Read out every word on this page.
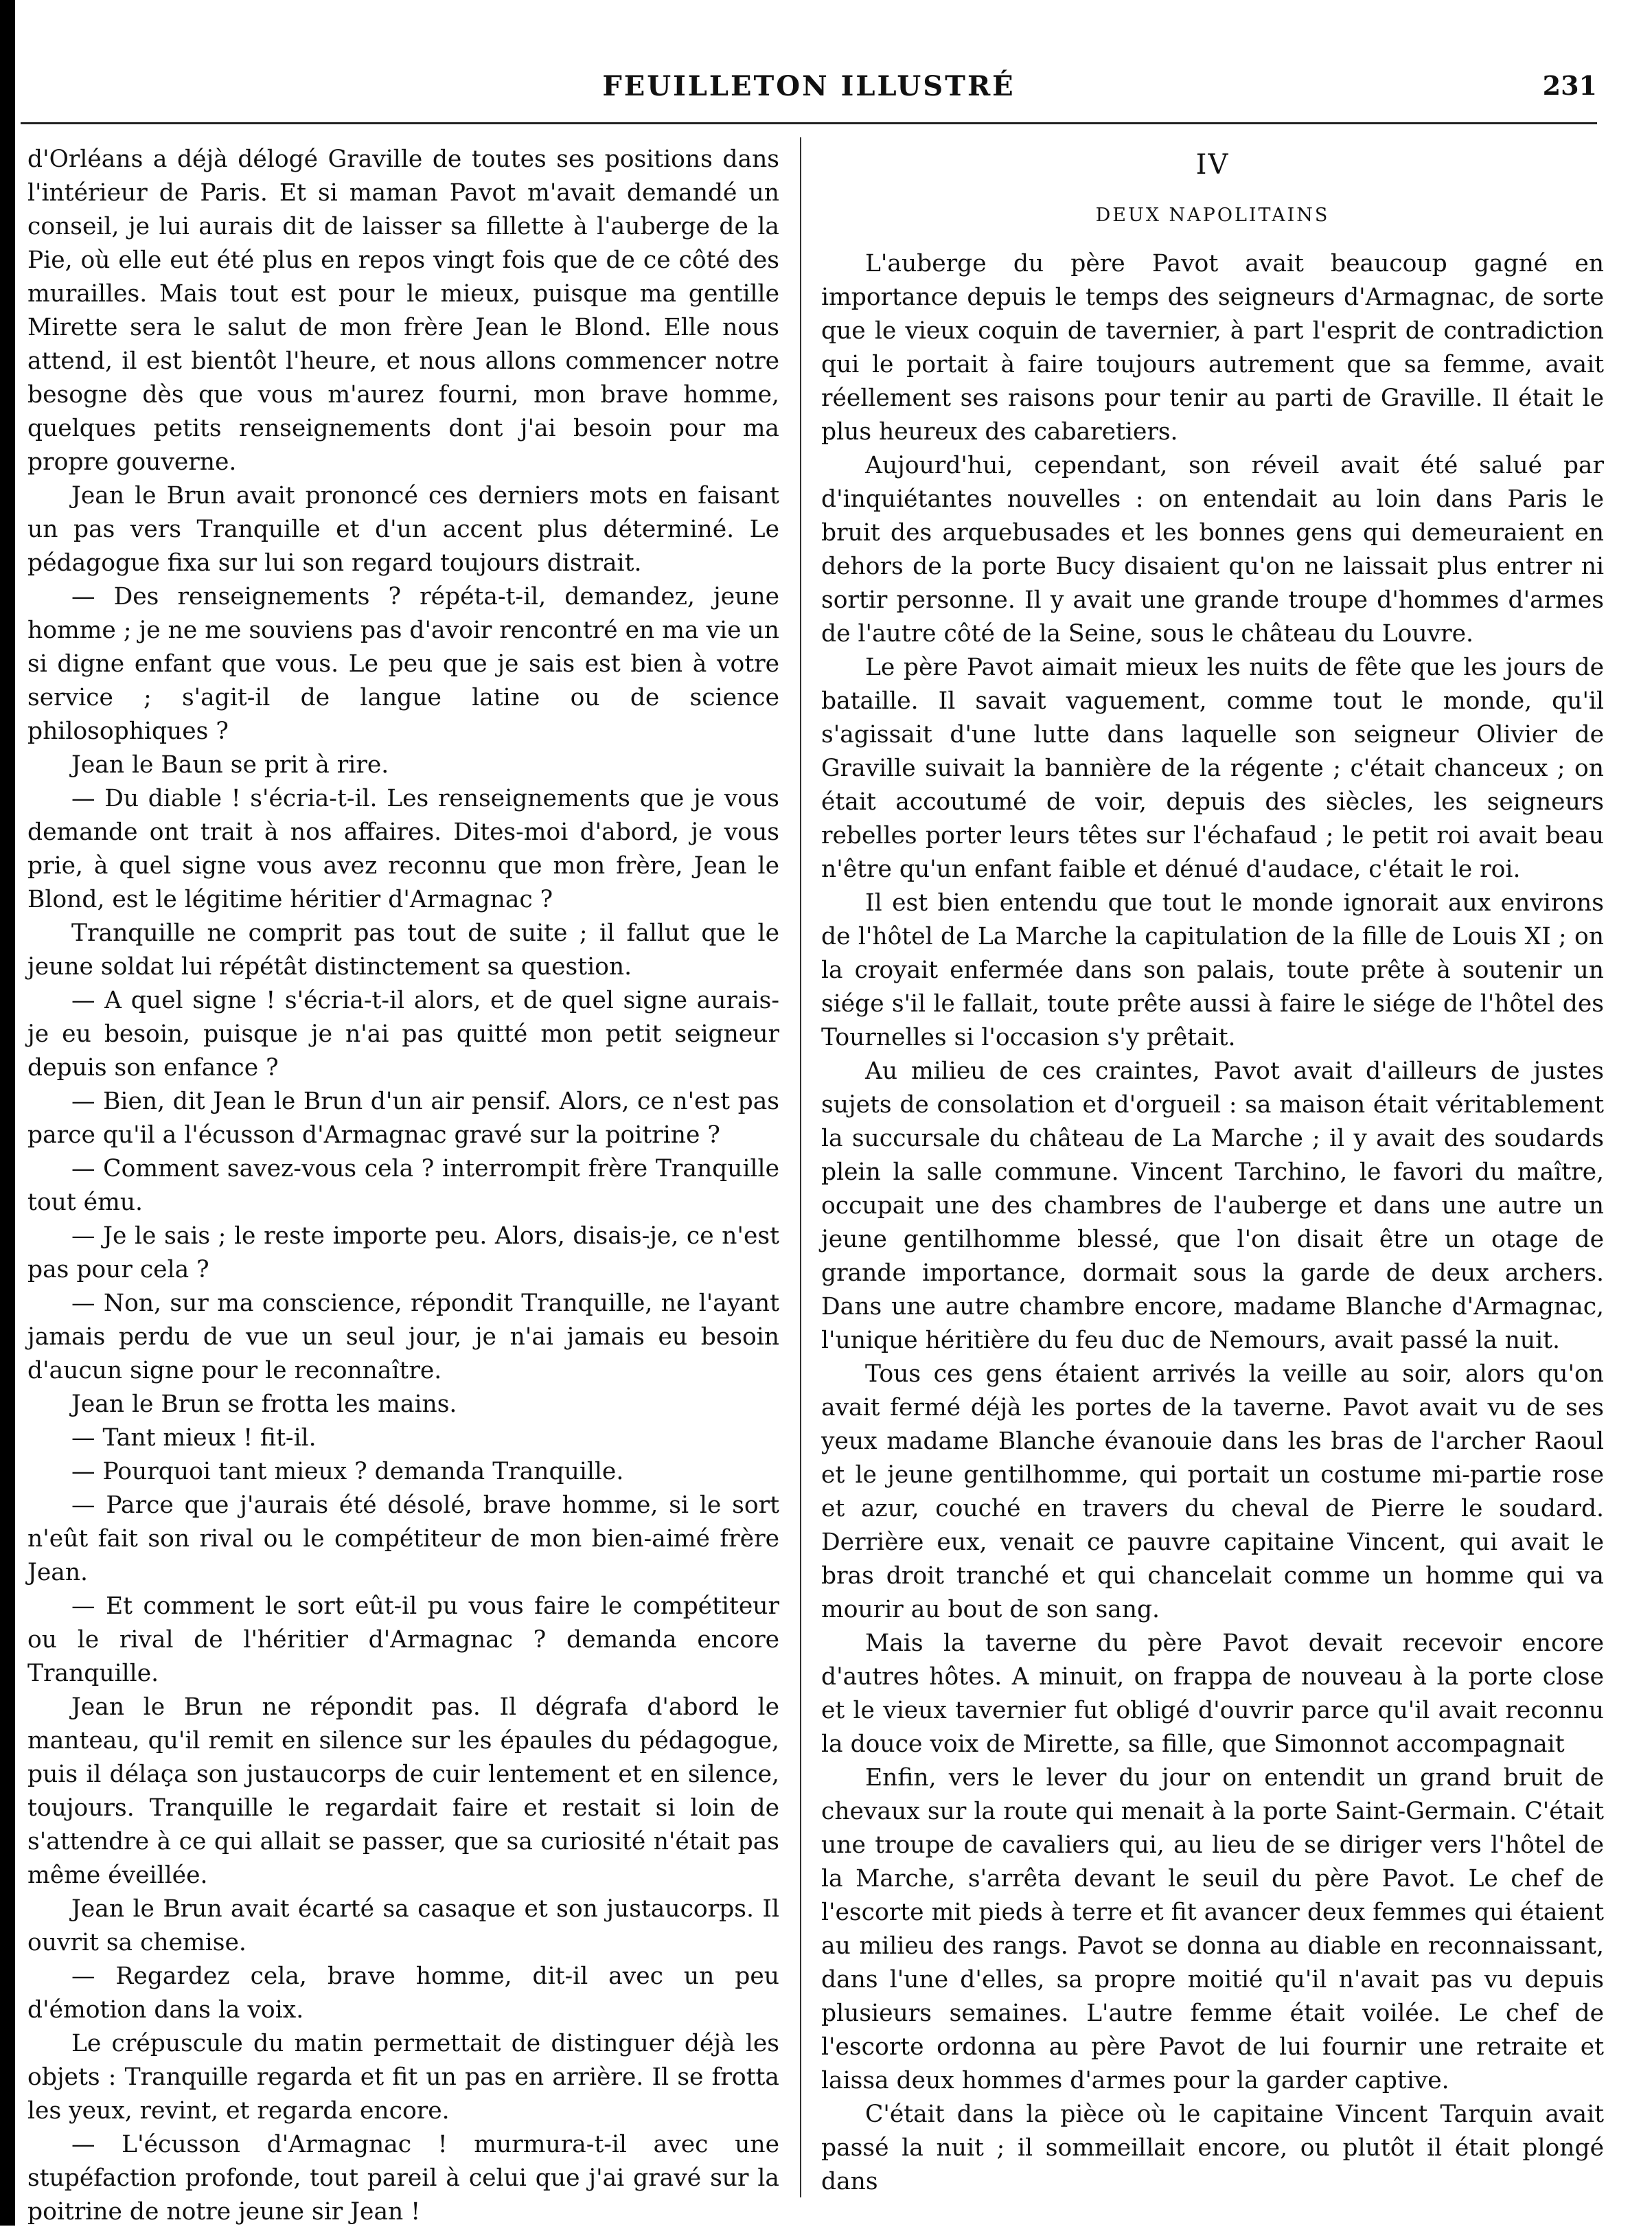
FEUILLETON ILLUSTRÉ	231

d'Orléans a déjà délogé Graville de toutes ses positions dans l'intérieur de Paris. Et si maman Pavot m'avait demandé un conseil, je lui aurais dit de laisser sa fillette à l'auberge de la Pie, où elle eut été plus en repos vingt fois que de ce côté des murailles. Mais tout est pour le mieux, puisque ma gentille Mirette sera le salut de mon frère Jean le Blond. Elle nous attend, il est bientôt l'heure, et nous allons commencer notre besogne dès que vous m'aurez fourni, mon brave homme, quelques petits renseignements dont j'ai besoin pour ma propre gouverne.

Jean le Brun avait prononcé ces derniers mots en faisant un pas vers Tranquille et d'un accent plus déterminé. Le pédagogue fixa sur lui son regard toujours distrait.

— Des renseignements ? répéta-t-il, demandez, jeune homme ; je ne me souviens pas d'avoir rencontré en ma vie un si digne enfant que vous. Le peu que je sais est bien à votre service ; s'agit-il de langue latine ou de science philosophiques ?

Jean le Baun se prit à rire.

— Du diable ! s'écria-t-il. Les renseignements que je vous demande ont trait à nos affaires. Dites-moi d'abord, je vous prie, à quel signe vous avez reconnu que mon frère, Jean le Blond, est le légitime héritier d'Armagnac ?

Tranquille ne comprit pas tout de suite ; il fallut que le jeune soldat lui répétât distinctement sa question.

— A quel signe ! s'écria-t-il alors, et de quel signe aurais-je eu besoin, puisque je n'ai pas quitté mon petit seigneur depuis son enfance ?

— Bien, dit Jean le Brun d'un air pensif. Alors, ce n'est pas parce qu'il a l'écusson d'Armagnac gravé sur la poitrine ?

— Comment savez-vous cela ? interrompit frère Tranquille tout ému.

— Je le sais ; le reste importe peu. Alors, disais-je, ce n'est pas pour cela ?

— Non, sur ma conscience, répondit Tranquille, ne l'ayant jamais perdu de vue un seul jour, je n'ai jamais eu besoin d'aucun signe pour le reconnaître.

Jean le Brun se frotta les mains.

— Tant mieux ! fit-il.

— Pourquoi tant mieux ? demanda Tranquille.

— Parce que j'aurais été désolé, brave homme, si le sort n'eût fait son rival ou le compétiteur de mon bien-aimé frère Jean.

— Et comment le sort eût-il pu vous faire le compétiteur ou le rival de l'héritier d'Armagnac ? demanda encore Tranquille.

Jean le Brun ne répondit pas. Il dégrafa d'abord le manteau, qu'il remit en silence sur les épaules du pédagogue, puis il délaça son justaucorps de cuir lentement et en silence, toujours. Tranquille le regardait faire et restait si loin de s'attendre à ce qui allait se passer, que sa curiosité n'était pas même éveillée.

Jean le Brun avait écarté sa casaque et son justaucorps. Il ouvrit sa chemise.

— Regardez cela, brave homme, dit-il avec un peu d'émotion dans la voix.

Le crépuscule du matin permettait de distinguer déjà les objets : Tranquille regarda et fit un pas en arrière. Il se frotta les yeux, revint, et regarda encore.

— L'écusson d'Armagnac ! murmura-t-il avec une stupéfaction profonde, tout pareil à celui que j'ai gravé sur la poitrine de notre jeune sir Jean !

IV
DEUX NAPOLITAINS

L'auberge du père Pavot avait beaucoup gagné en importance depuis le temps des seigneurs d'Armagnac, de sorte que le vieux coquin de tavernier, à part l'esprit de contradiction qui le portait à faire toujours autrement que sa femme, avait réellement ses raisons pour tenir au parti de Graville. Il était le plus heureux des cabaretiers.

Aujourd'hui, cependant, son réveil avait été salué par d'inquiétantes nouvelles : on entendait au loin dans Paris le bruit des arquebusades et les bonnes gens qui demeuraient en dehors de la porte Bucy disaient qu'on ne laissait plus entrer ni sortir personne. Il y avait une grande troupe d'hommes d'armes de l'autre côté de la Seine, sous le château du Louvre.

Le père Pavot aimait mieux les nuits de fête que les jours de bataille. Il savait vaguement, comme tout le monde, qu'il s'agissait d'une lutte dans laquelle son seigneur Olivier de Graville suivait la bannière de la régente ; c'était chanceux ; on était accoutumé de voir, depuis des siècles, les seigneurs rebelles porter leurs têtes sur l'échafaud ; le petit roi avait beau n'être qu'un enfant faible et dénué d'audace, c'était le roi.

Il est bien entendu que tout le monde ignorait aux environs de l'hôtel de La Marche la capitulation de la fille de Louis XI ; on la croyait enfermée dans son palais, toute prête à soutenir un siége s'il le fallait, toute prête aussi à faire le siége de l'hôtel des Tournelles si l'occasion s'y prêtait.

Au milieu de ces craintes, Pavot avait d'ailleurs de justes sujets de consolation et d'orgueil : sa maison était véritablement la succursale du château de La Marche ; il y avait des soudards plein la salle commune. Vincent Tarchino, le favori du maître, occupait une des chambres de l'auberge et dans une autre un jeune gentilhomme blessé, que l'on disait être un otage de grande importance, dormait sous la garde de deux archers. Dans une autre chambre encore, madame Blanche d'Armagnac, l'unique héritière du feu duc de Nemours, avait passé la nuit.

Tous ces gens étaient arrivés la veille au soir, alors qu'on avait fermé déjà les portes de la taverne. Pavot avait vu de ses yeux madame Blanche évanouie dans les bras de l'archer Raoul et le jeune gentilhomme, qui portait un costume mi-partie rose et azur, couché en travers du cheval de Pierre le soudard. Derrière eux, venait ce pauvre capitaine Vincent, qui avait le bras droit tranché et qui chancelait comme un homme qui va mourir au bout de son sang.

Mais la taverne du père Pavot devait recevoir encore d'autres hôtes. A minuit, on frappa de nouveau à la porte close et le vieux tavernier fut obligé d'ouvrir parce qu'il avait reconnu la douce voix de Mirette, sa fille, que Simonnot accompagnait

Enfin, vers le lever du jour on entendit un grand bruit de chevaux sur la route qui menait à la porte Saint-Germain. C'était une troupe de cavaliers qui, au lieu de se diriger vers l'hôtel de la Marche, s'arrêta devant le seuil du père Pavot. Le chef de l'escorte mit pieds à terre et fit avancer deux femmes qui étaient au milieu des rangs. Pavot se donna au diable en reconnaissant, dans l'une d'elles, sa propre moitié qu'il n'avait pas vu depuis plusieurs semaines. L'autre femme était voilée. Le chef de l'escorte ordonna au père Pavot de lui fournir une retraite et laissa deux hommes d'armes pour la garder captive.

C'était dans la pièce où le capitaine Vincent Tarquin avait passé la nuit ; il sommeillait encore, ou plutôt il était plongé dans
